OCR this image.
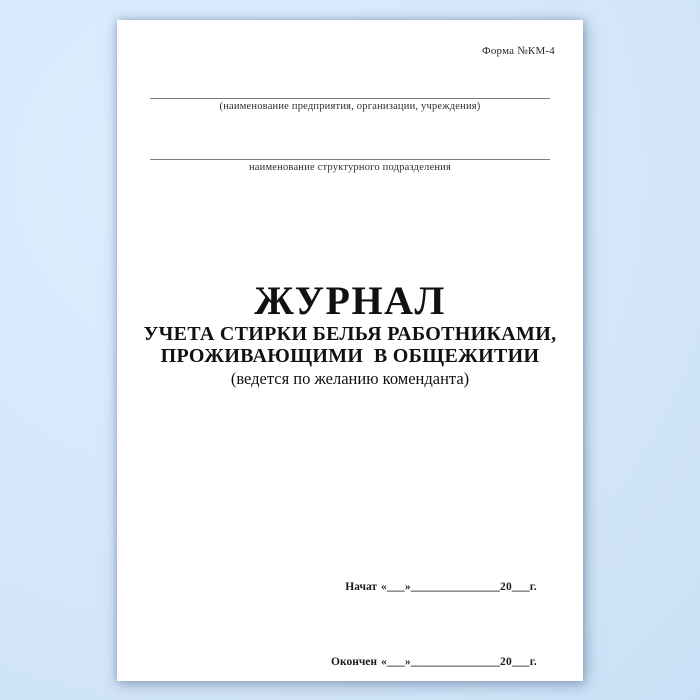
Форма №КМ-4
(наименование предприятия, организации, учреждения)
наименование структурного подразделения
ЖУРНАЛ
УЧЕТА СТИРКИ БЕЛЬЯ РАБОТНИКАМИ,
ПРОЖИВАЮЩИМИ  В ОБЩЕЖИТИИ
(ведется по желанию коменданта)

Начат «___»_______________20___г.

Окончен «___»_______________20___г.
